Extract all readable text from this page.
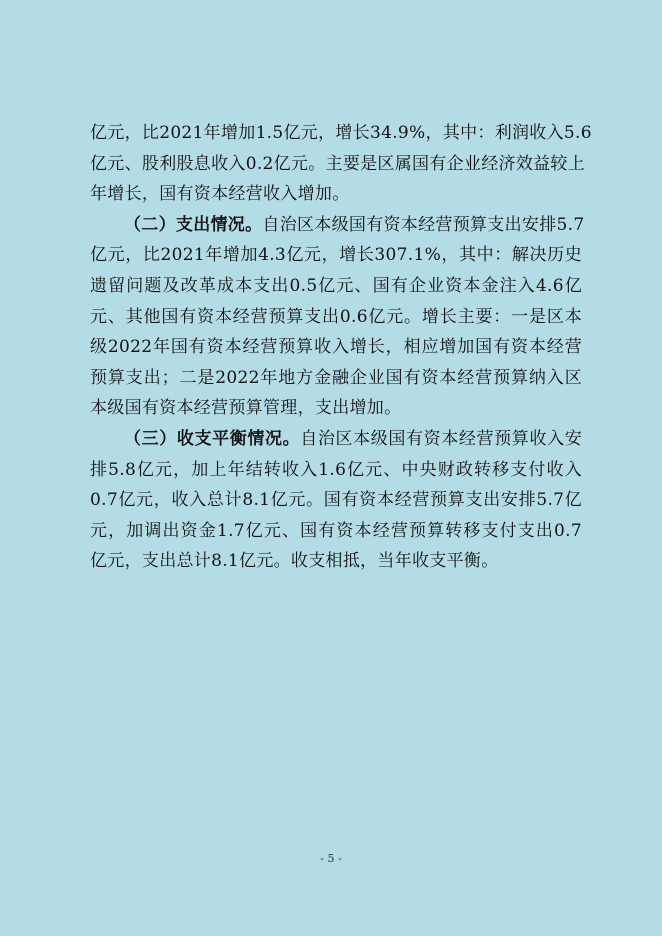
亿元，比2021年增加1.5亿元，增长34.9%，其中：利润收入5.6
亿元、股利股息收入0.2亿元。主要是区属国有企业经济效益较上
年增长，国有资本经营收入增加。
（二）支出情况。自治区本级国有资本经营预算支出安排5.7
亿元，比2021年增加4.3亿元，增长307.1%，其中：解决历史
遗留问题及改革成本支出0.5亿元、国有企业资本金注入4.6亿
元、其他国有资本经营预算支出0.6亿元。增长主要：一是区本
级2022年国有资本经营预算收入增长，相应增加国有资本经营
预算支出；二是2022年地方金融企业国有资本经营预算纳入区
本级国有资本经营预算管理，支出增加。
（三）收支平衡情况。自治区本级国有资本经营预算收入安
排5.8亿元，加上年结转收入1.6亿元、中央财政转移支付收入
0.7亿元，收入总计8.1亿元。国有资本经营预算支出安排5.7亿
元，加调出资金1.7亿元、国有资本经营预算转移支付支出0.7
亿元，支出总计8.1亿元。收支相抵，当年收支平衡。
- 5 -
